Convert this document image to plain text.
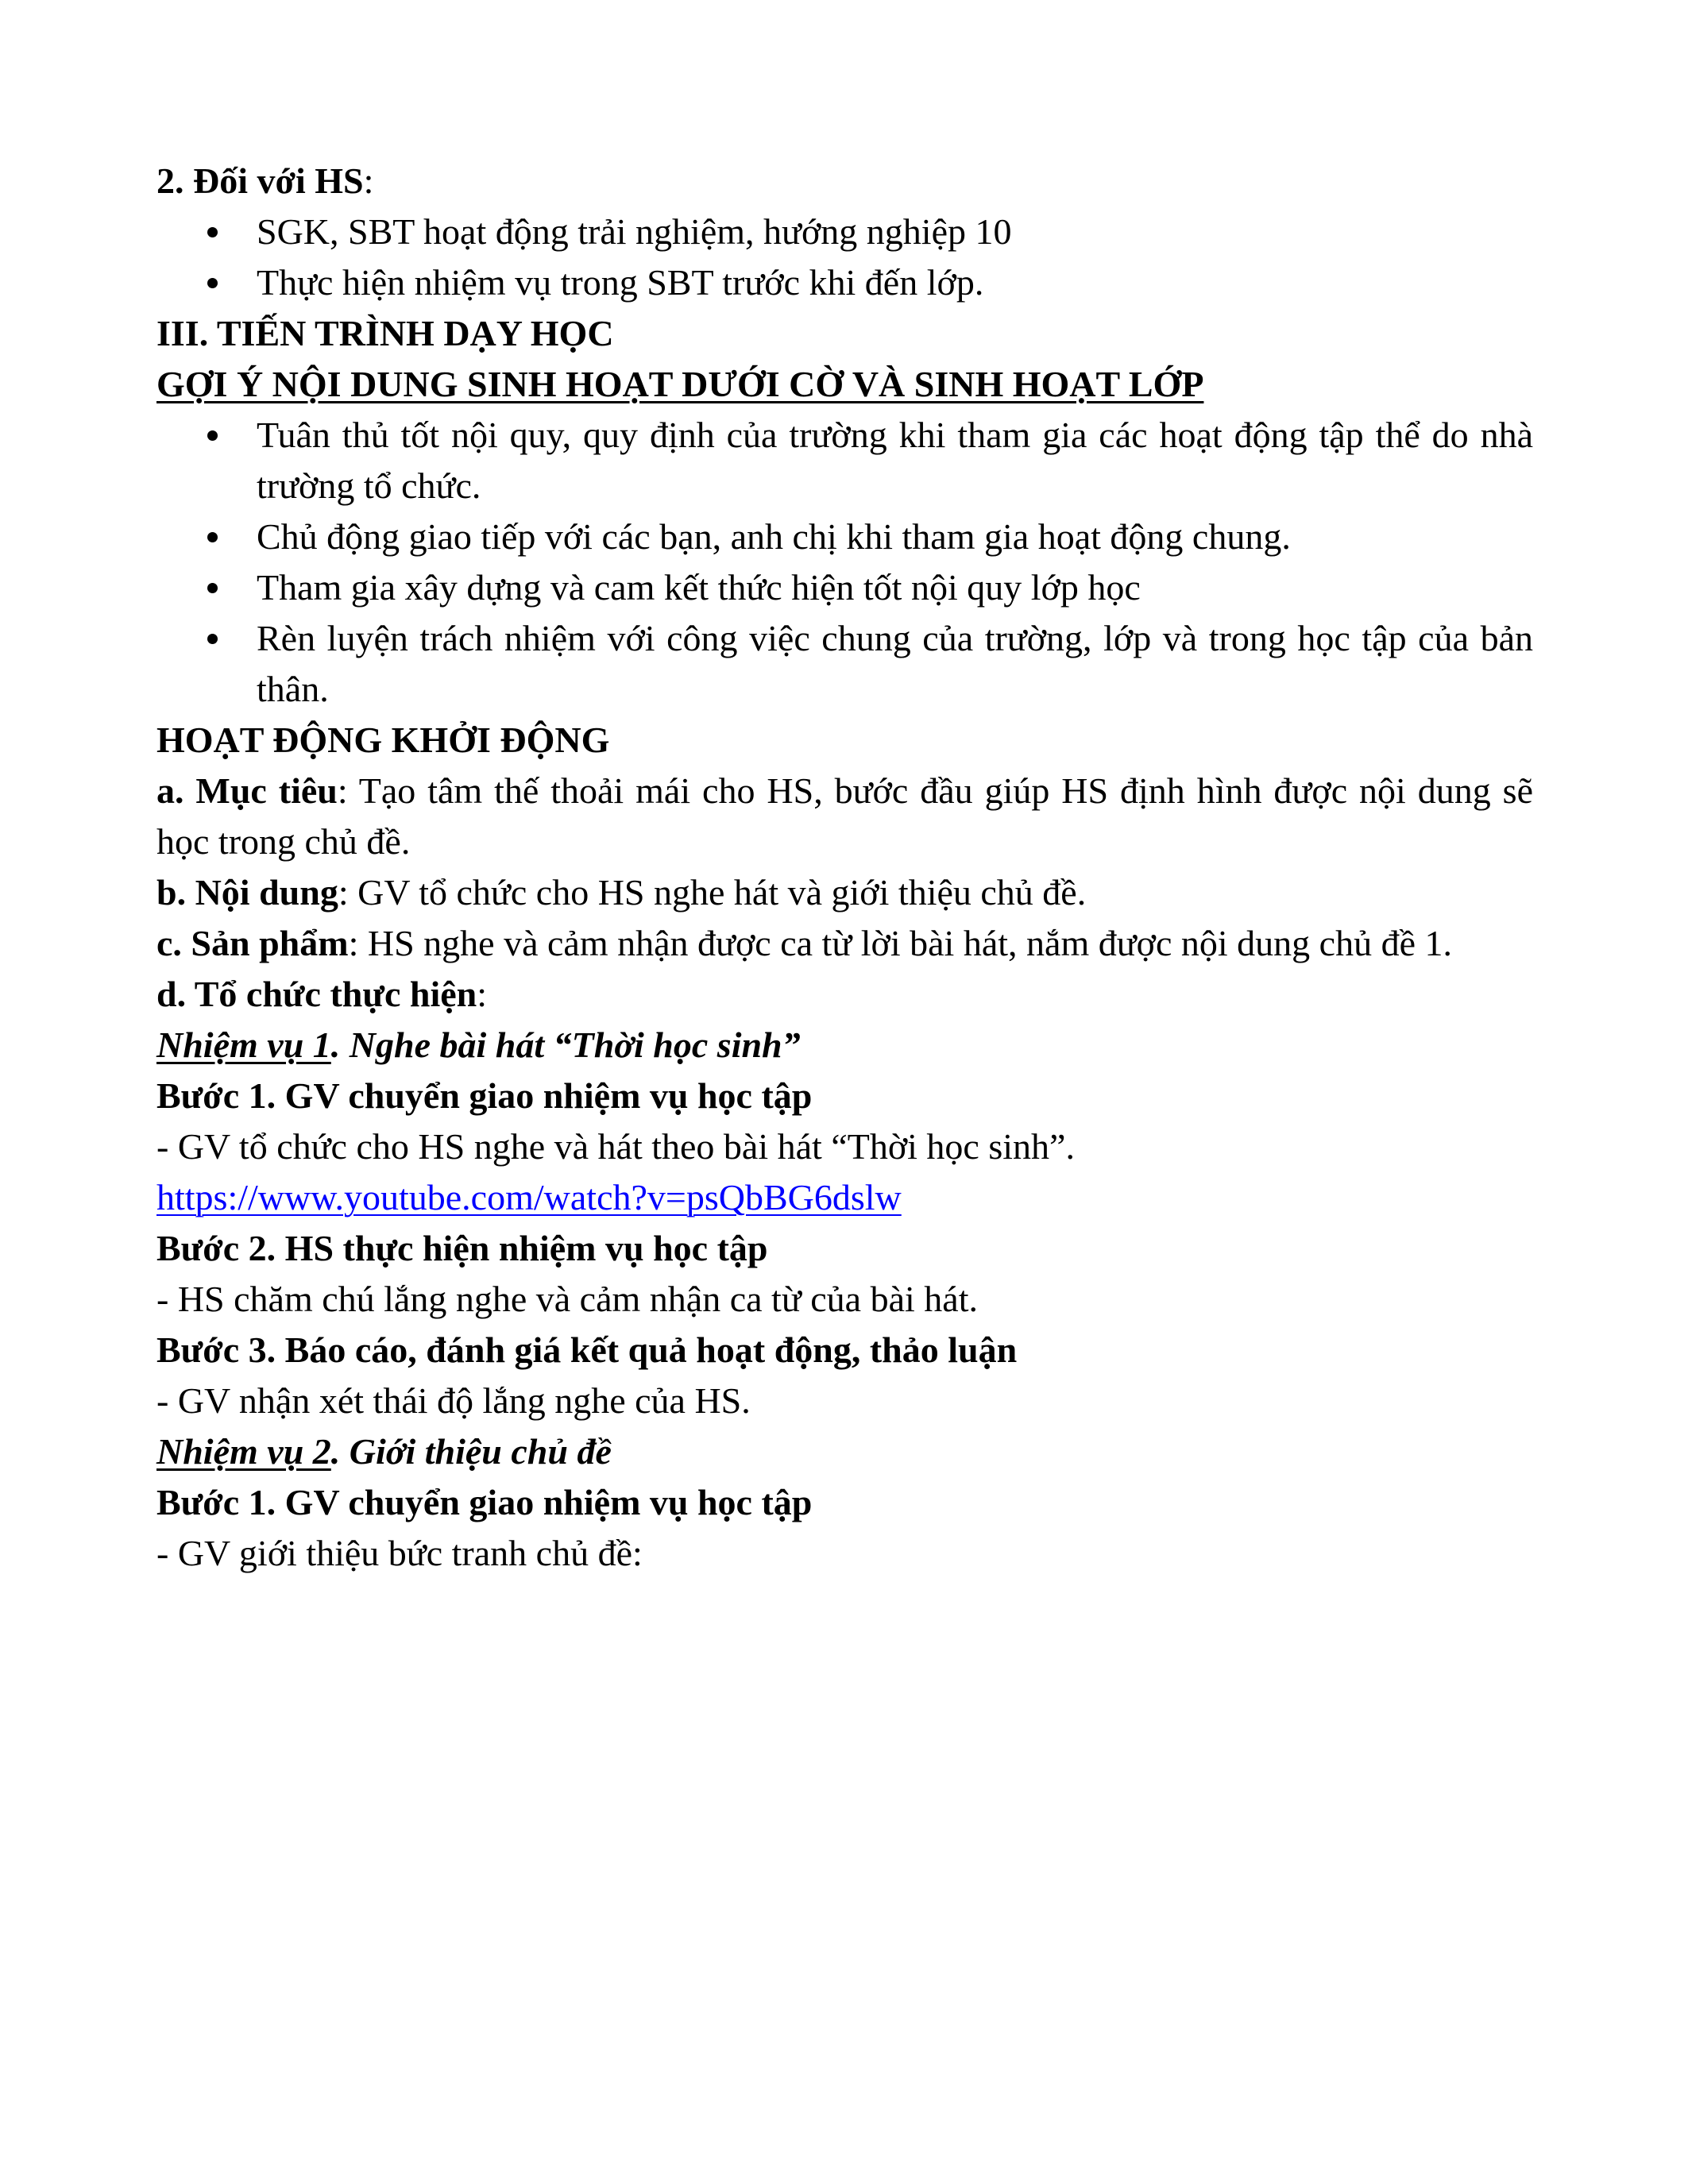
2. Đối với HS:

SGK, SBT hoạt động trải nghiệm, hướng nghiệp 10
Thực hiện nhiệm vụ trong SBT trước khi đến lớp.

III. TIẾN TRÌNH DẠY HỌC

GỢI Ý NỘI DUNG SINH HOẠT DƯỚI CỜ VÀ SINH HOẠT LỚP

Tuân thủ tốt nội quy, quy định của trường khi tham gia các hoạt động tập thể do nhà trường tổ chức.
Chủ động giao tiếp với các bạn, anh chị khi tham gia hoạt động chung.
Tham gia xây dựng và cam kết thức hiện tốt nội quy lớp học
Rèn luyện trách nhiệm với công việc chung của trường, lớp và trong học tập của bản thân.

HOẠT ĐỘNG KHỞI ĐỘNG

a. Mục tiêu: Tạo tâm thế thoải mái cho HS, bước đầu giúp HS định hình được nội dung sẽ học trong chủ đề.

b. Nội dung: GV tổ chức cho HS nghe hát và giới thiệu chủ đề.

c. Sản phẩm: HS nghe và cảm nhận được ca từ lời bài hát, nắm được nội dung chủ đề 1.

d. Tổ chức thực hiện:

Nhiệm vụ 1. Nghe bài hát “Thời học sinh”

Bước 1. GV chuyển giao nhiệm vụ học tập

- GV tổ chức cho HS nghe và hát theo bài hát “Thời học sinh”.

https://www.youtube.com/watch?v=psQbBG6dslw

Bước 2. HS thực hiện nhiệm vụ học tập

- HS chăm chú lắng nghe và cảm nhận ca từ của bài hát.

Bước 3. Báo cáo, đánh giá kết quả hoạt động, thảo luận

- GV nhận xét thái độ lắng nghe của HS.

Nhiệm vụ 2. Giới thiệu chủ đề

Bước 1. GV chuyển giao nhiệm vụ học tập

- GV giới thiệu bức tranh chủ đề:
